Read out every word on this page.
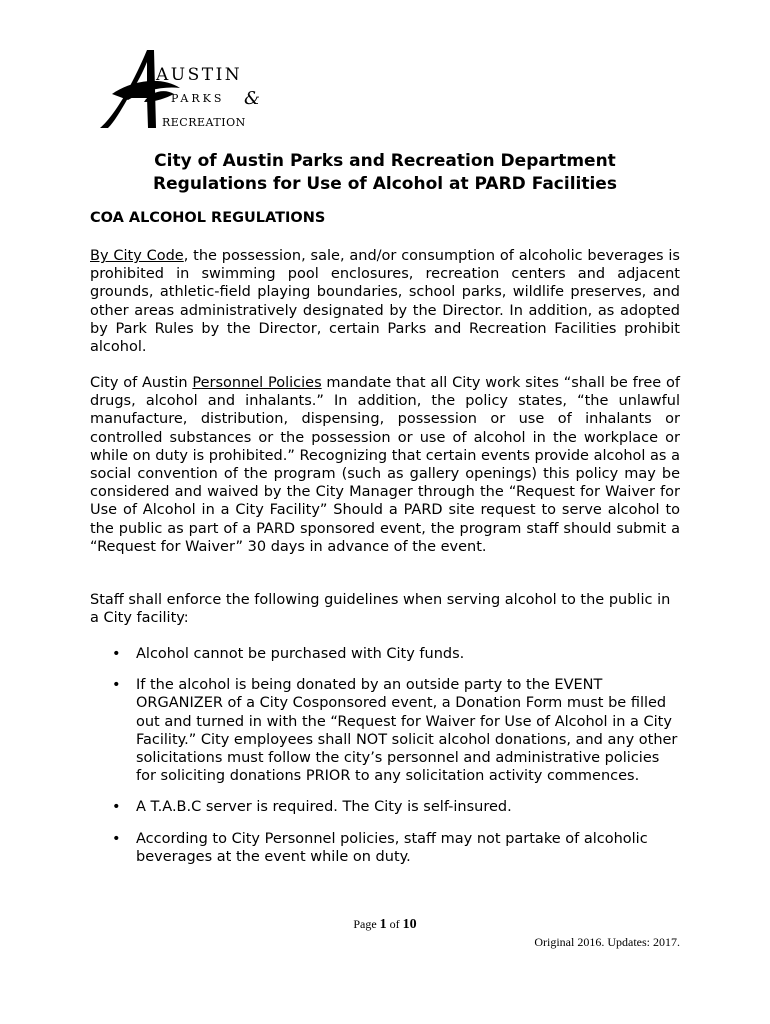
AUSTIN
PARKS &
RECREATION
City of Austin Parks and Recreation Department
Regulations for Use of Alcohol at PARD Facilities
COA ALCOHOL REGULATIONS

By City Code, the possession, sale, and/or consumption of alcoholic beverages is prohibited in swimming pool enclosures, recreation centers and adjacent grounds, athletic-field playing boundaries, school parks, wildlife preserves, and other areas administratively designated by the Director. In addition, as adopted by Park Rules by the Director, certain Parks and Recreation Facilities prohibit alcohol.

City of Austin Personnel Policies mandate that all City work sites “shall be free of drugs, alcohol and inhalants.” In addition, the policy states, “the unlawful manufacture, distribution, dispensing, possession or use of inhalants or controlled substances or the possession or use of alcohol in the workplace or while on duty is prohibited.” Recognizing that certain events provide alcohol as a social convention of the program (such as gallery openings) this policy may be considered and waived by the City Manager through the “Request for Waiver for Use of Alcohol in a City Facility” Should a PARD site request to serve alcohol to the public as part of a PARD sponsored event, the program staff should submit a “Request for Waiver” 30 days in advance of the event.

Staff shall enforce the following guidelines when serving alcohol to the public in a City facility:

• Alcohol cannot be purchased with City funds.
• If the alcohol is being donated by an outside party to the EVENT ORGANIZER of a City Cosponsored event, a Donation Form must be filled out and turned in with the “Request for Waiver for Use of Alcohol in a City Facility.” City employees shall NOT solicit alcohol donations, and any other solicitations must follow the city’s personnel and administrative policies for soliciting donations PRIOR to any solicitation activity commences.
• A T.A.B.C server is required. The City is self-insured.
• According to City Personnel policies, staff may not partake of alcoholic beverages at the event while on duty.
Page 1 of 10
Original 2016. Updates: 2017.
